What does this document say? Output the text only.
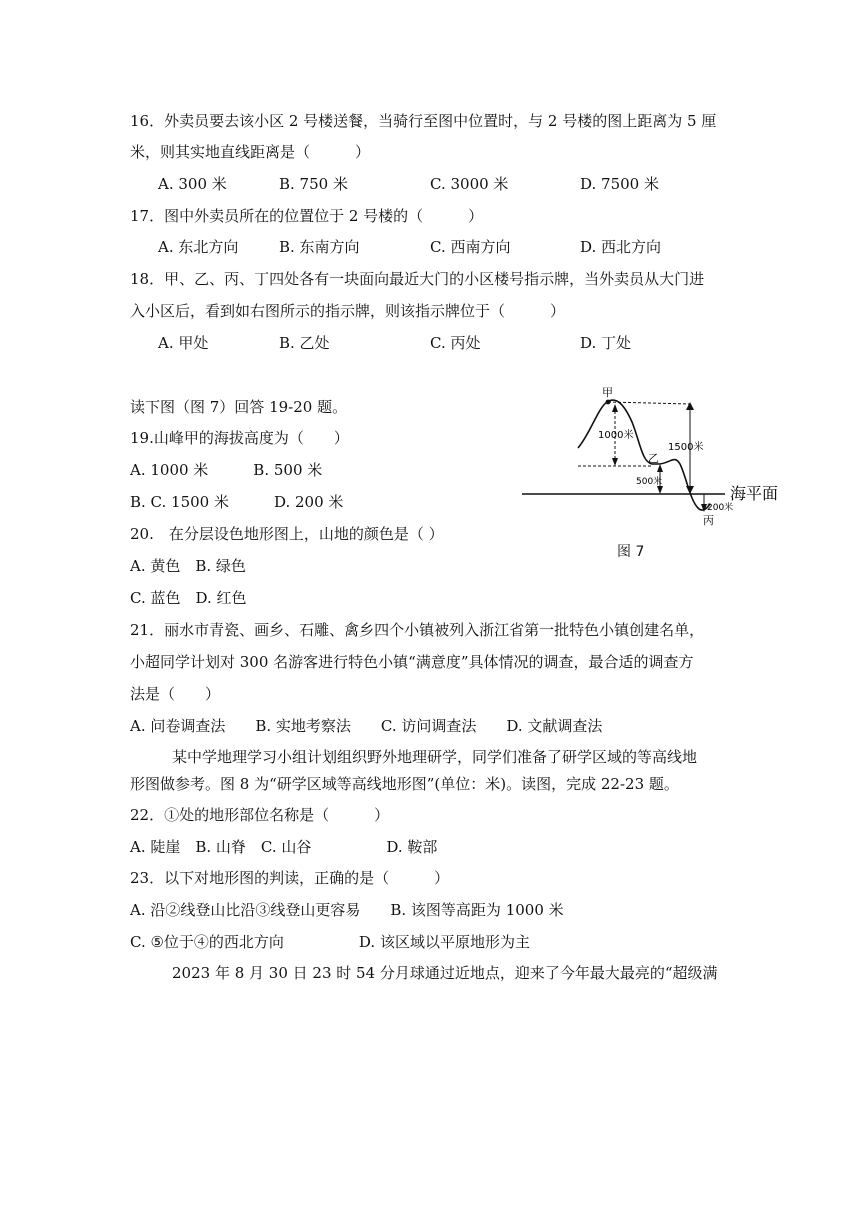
16．外卖员要去该小区 2 号楼送餐，当骑行至图中位置时，与 2 号楼的图上距离为 5 厘
米，则其实地直线距离是（　　　）
A. 300 米	B. 750 米	C. 3000 米	D. 7500 米
17．图中外卖员所在的位置位于 2 号楼的（　　　）
A. 东北方向	B. 东南方向	C. 西南方向	D. 西北方向
18．甲、乙、丙、丁四处各有一块面向最近大门的小区楼号指示牌，当外卖员从大门进
入小区后，看到如右图所示的指示牌，则该指示牌位于（　　　）
A. 甲处	B. 乙处	C. 丙处	D. 丁处
读下图（图 7）回答 19-20 题。
19.山峰甲的海拔高度为（　　）
A. 1000 米　　　B. 500 米
B. C. 1500 米　　　D. 200 米
20.　在分层设色地形图上，山地的颜色是（ ）
A. 黄色　B. 绿色
C. 蓝色　D. 红色
甲
1500米
1000米
乙
500米
200米
丙
海平面
图 7
21．丽水市青瓷、画乡、石雕、禽乡四个小镇被列入浙江省第一批特色小镇创建名单，
小超同学计划对 300 名游客进行特色小镇“满意度”具体情况的调查，最合适的调查方
法是（　　）
A. 问卷调查法　　B. 实地考察法　　C. 访问调查法　　D. 文献调查法
某中学地理学习小组计划组织野外地理研学，同学们准备了研学区域的等高线地
形图做参考。图 8 为“研学区域等高线地形图”(单位：米)。读图，完成 22-23 题。
22．①处的地形部位名称是（　　　）
A. 陡崖　B. 山脊　C. 山谷　　　　　D. 鞍部
23．以下对地形图的判读，正确的是（　　　）
A. 沿②线登山比沿③线登山更容易　　B. 该图等高距为 1000 米
C. ⑤位于④的西北方向　　　　　D. 该区域以平原地形为主
2023 年 8 月 30 日 23 时 54 分月球通过近地点，迎来了今年最大最亮的“超级满
